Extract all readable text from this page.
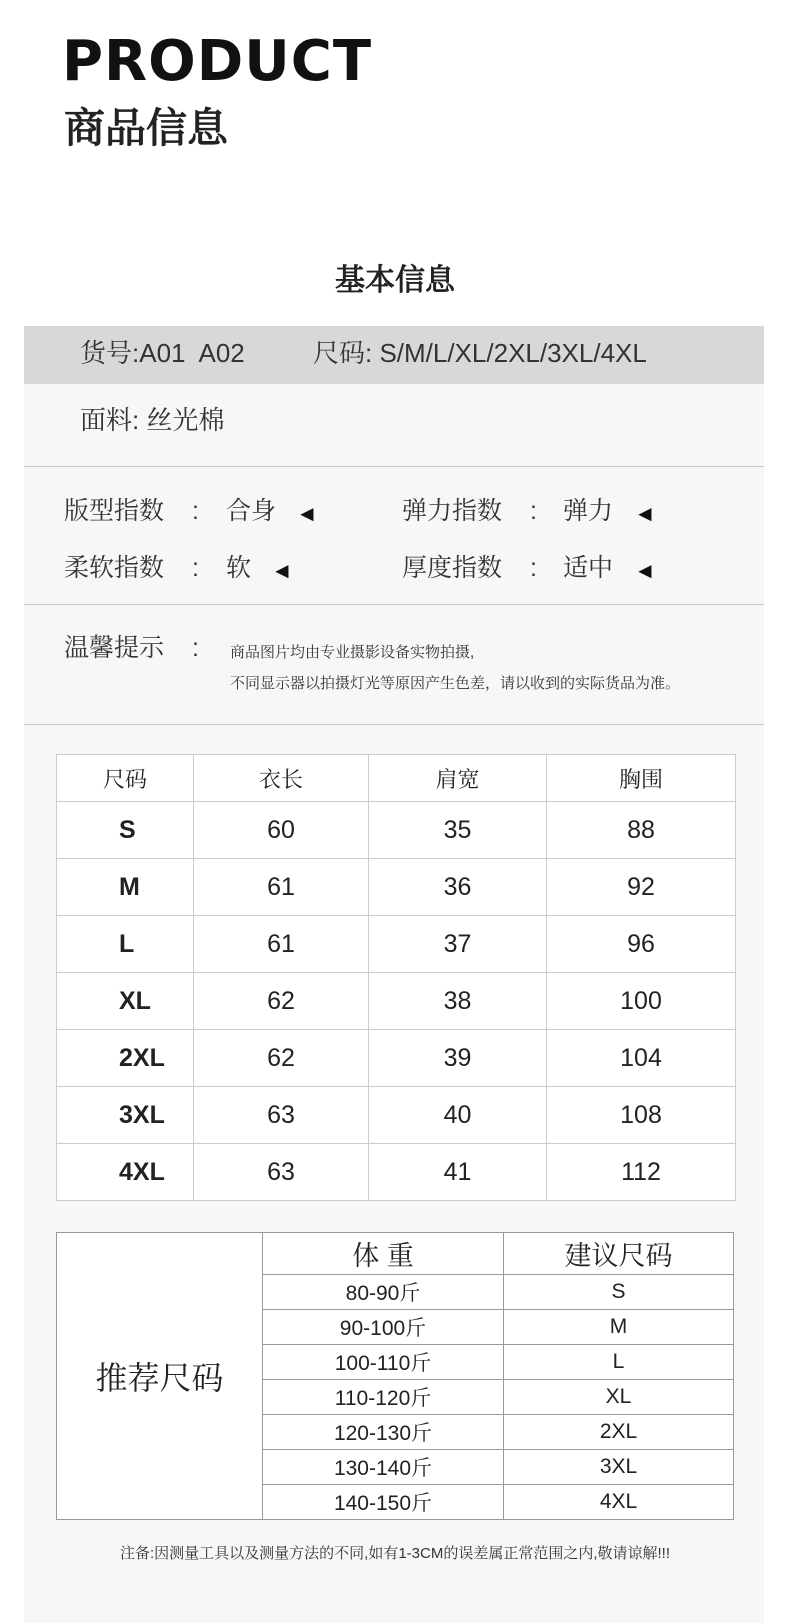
PRODUCT
商品信息
基本信息
货号:A01  A02	尺码: S/M/L/XL/2XL/3XL/4XL
面料: 丝光棉
版型指数 : 合身 ◄	弹力指数 : 弹力 ◄
柔软指数 : 软 ◄	厚度指数 : 适中 ◄
温馨提示 : 商品图片均由专业摄影设备实物拍摄,
不同显示器以拍摄灯光等原因产生色差，请以收到的实际货品为准。
尺码	衣长	肩宽	胸围
S	60	35	88
M	61	36	92
L	61	37	96
XL	62	38	100
2XL	62	39	104
3XL	63	40	108
4XL	63	41	112
推荐尺码	体 重	建议尺码
	80-90斤	S
	90-100斤	M
	100-110斤	L
	110-120斤	XL
	120-130斤	2XL
	130-140斤	3XL
	140-150斤	4XL
注备:因测量工具以及测量方法的不同,如有1-3CM的误差属正常范围之内,敬请谅解!!!
